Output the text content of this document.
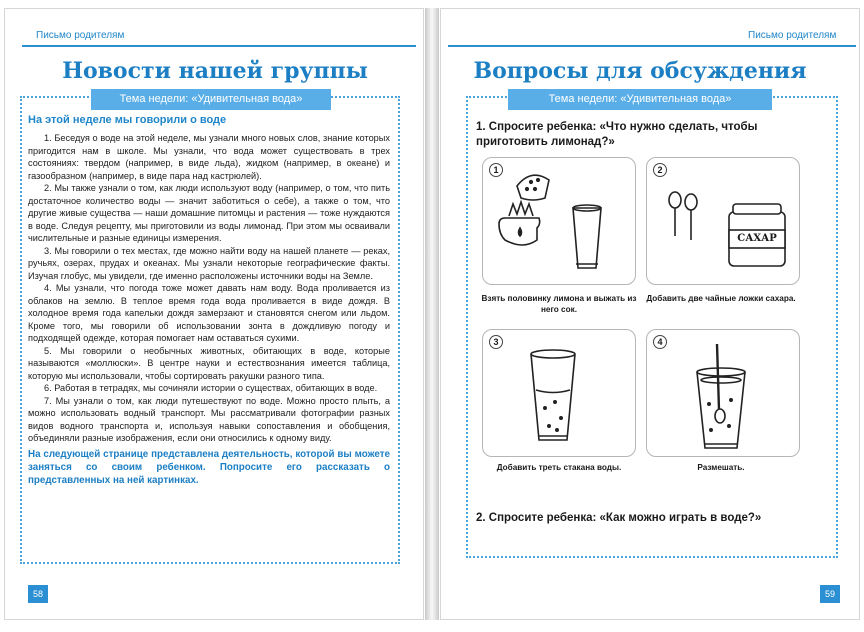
Письмо родителям
Новости нашей группы
Тема недели: «Удивительная вода»
На этой неделе мы говорили о воде

1. Беседуя о воде на этой неделе, мы узнали много новых слов, знание которых пригодится нам в школе. Мы узнали, что вода может существовать в трех состояниях: твердом (например, в виде льда), жидком (например, в океане) и газообразном (например, в виде пара над кастрюлей).

2. Мы также узнали о том, как люди используют воду (например, о том, что пить достаточное количество воды — значит заботиться о себе), а также о том, что другие живые существа — наши домашние питомцы и растения — тоже нуждаются в воде. Следуя рецепту, мы приготовили из воды лимонад. При этом мы осваивали числительные и разные единицы измерения.

3. Мы говорили о тех местах, где можно найти воду на нашей планете — реках, ручьях, озерах, прудах и океанах. Мы узнали некоторые географические факты. Изучая глобус, мы увидели, где именно расположены источники воды на Земле.

4. Мы узнали, что погода тоже может давать нам воду. Вода проливается из облаков на землю. В теплое время года вода проливается в виде дождя. В холодное время года капельки дождя замерзают и становятся снегом или льдом. Кроме того, мы говорили об использовании зонта в дождливую погоду и подходящей одежде, которая помогает нам оставаться сухими.

5. Мы говорили о необычных животных, обитающих в воде, которые называются «моллюски». В центре науки и естествознания имеется таблица, которую мы использовали, чтобы сортировать ракушки разного типа.

6. Работая в тетрадях, мы сочиняли истории о существах, обитающих в воде.

7. Мы узнали о том, как люди путешествуют по воде. Можно просто плыть, а можно использовать водный транспорт. Мы рассматривали фотографии разных видов водного транспорта и, используя навыки сопоставления и обобщения, объединяли разные изображения, если они относились к одному виду.

На следующей странице представлена деятельность, которой вы можете заняться со своим ребенком. Попросите его рассказать о представленных на ней картинках.

58
Письмо родителям
Вопросы для обсуждения
Тема недели: «Удивительная вода»
1. Спросите ребенка: «Что нужно сделать, чтобы приготовить лимонад?»
1
Взять половинку лимона и выжать из него сок.
САХАР
2
Добавить две чайные ложки сахара.
3
Добавить треть стакана воды.
4
Размешать.
2. Спросите ребенка: «Как можно играть в воде?»
59
